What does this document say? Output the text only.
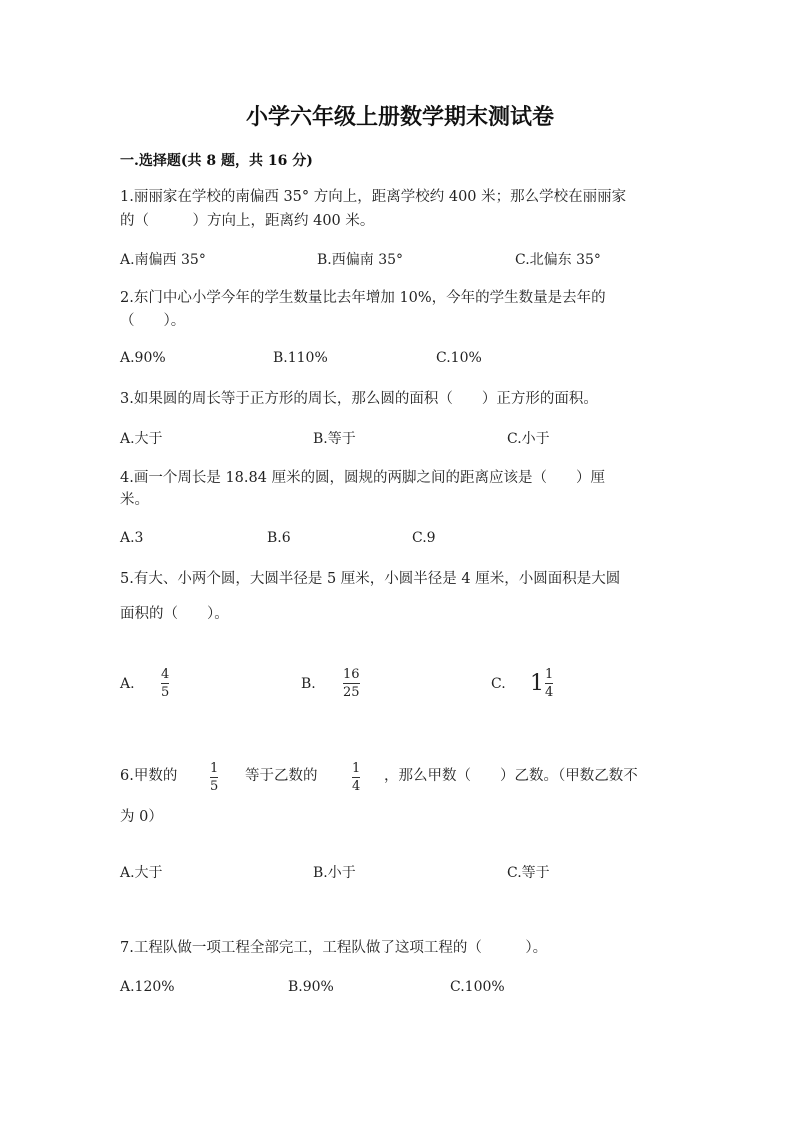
小学六年级上册数学期末测试卷
一.选择题(共 8 题，共 16 分)
1.丽丽家在学校的南偏西 35° 方向上，距离学校约 400 米；那么学校在丽丽家
的（　　　）方向上，距离约 400 米。
A.南偏西 35°	B.西偏南 35°	C.北偏东 35°
2.东门中心小学今年的学生数量比去年增加 10%，今年的学生数量是去年的
（　　）。
A.90%	B.110%	C.10%
3.如果圆的周长等于正方形的周长，那么圆的面积（　　）正方形的面积。
A.大于	B.等于	C.小于
4.画一个周长是 18.84 厘米的圆，圆规的两脚之间的距离应该是（　　）厘
米。
A.3	B.6	C.9
5.有大、小两个圆，大圆半径是 5 厘米，小圆半径是 4 厘米，小圆面积是大圆
面积的（　　）。
A.
4
5
B.
16
25
C. $1 \frac{1}{4}$
6.甲数的	1
5
等于乙数的	1
4
，那么甲数（　　）乙数。（甲数乙数不
为 0）
A.大于	B.小于	C.等于
7.工程队做一项工程全部完工，工程队做了这项工程的（　　　）。
A.120%	B.90%	C.100%
